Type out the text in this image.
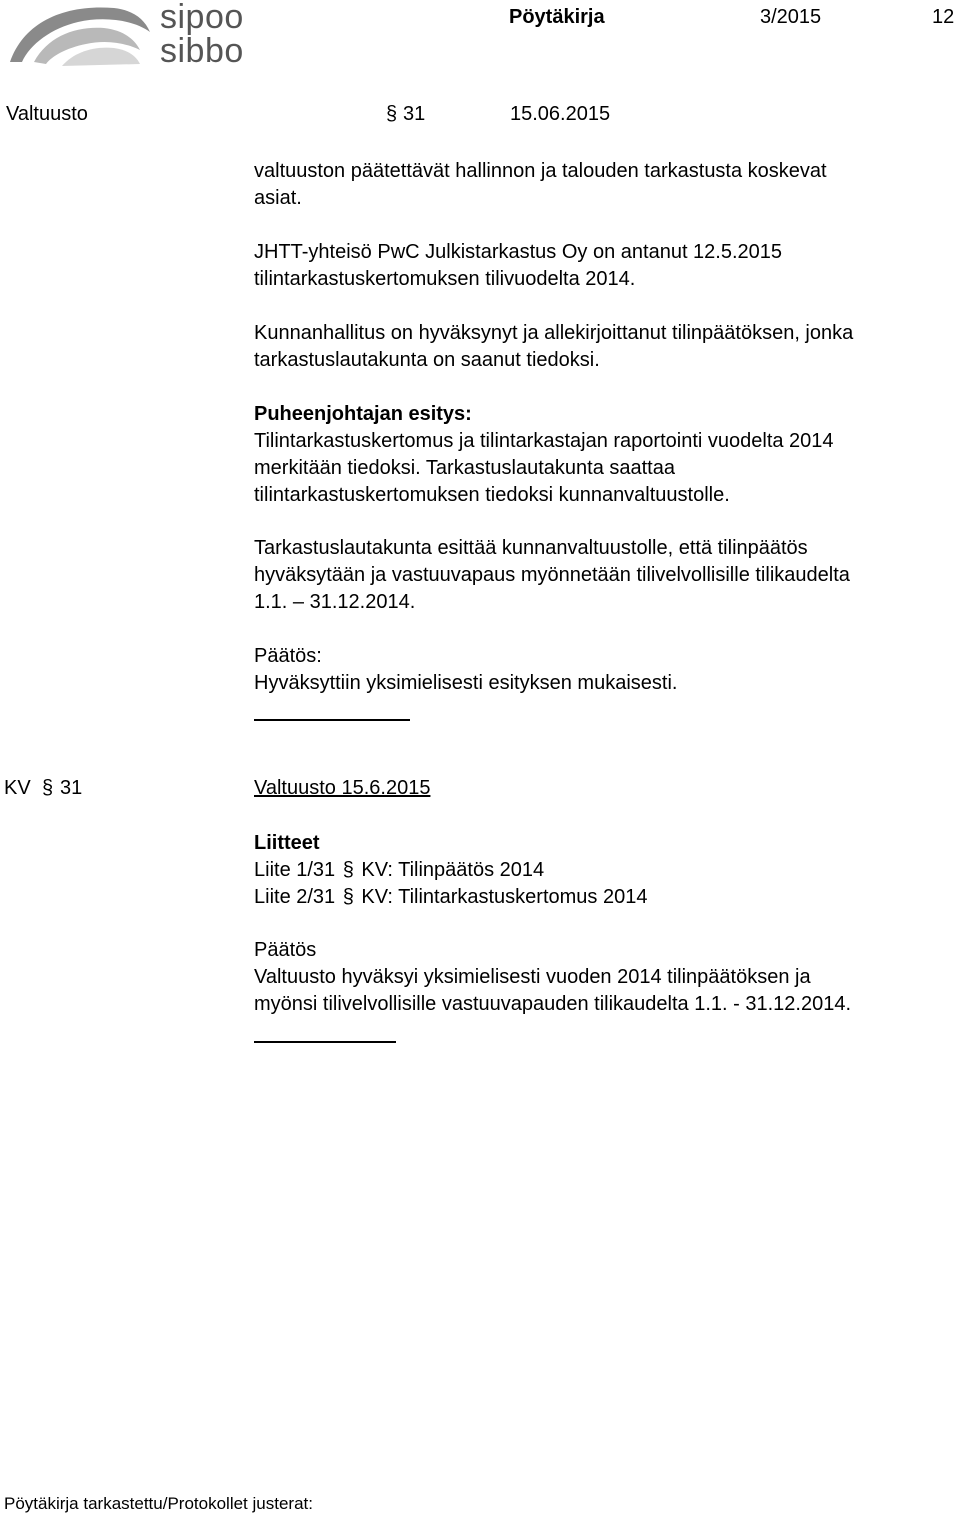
sipoo
sibbo
Pöytäkirja	3/2015	12
Valtuusto	§ 31	15.06.2015
valtuuston päätettävät hallinnon ja talouden tarkastusta koskevat
asiat.
JHTT-yhteisö PwC Julkistarkastus Oy on antanut 12.5.2015
tilintarkastuskertomuksen tilivuodelta 2014.
Kunnanhallitus on hyväksynyt ja allekirjoittanut tilinpäätöksen, jonka
tarkastuslautakunta on saanut tiedoksi.
Puheenjohtajan esitys:
Tilintarkastuskertomus ja tilintarkastajan raportointi vuodelta 2014
merkitään tiedoksi. Tarkastuslautakunta saattaa
tilintarkastuskertomuksen tiedoksi kunnanvaltuustolle.
Tarkastuslautakunta esittää kunnanvaltuustolle, että tilinpäätös
hyväksytään ja vastuuvapaus myönnetään tilivelvollisille tilikaudelta
1.1. – 31.12.2014.
Päätös:
Hyväksyttiin yksimielisesti esityksen mukaisesti.
KV § 31	Valtuusto 15.6.2015
Liitteet
Liite 1/31 § KV: Tilinpäätös 2014
Liite 2/31 § KV: Tilintarkastuskertomus 2014
Päätös
Valtuusto hyväksyi yksimielisesti vuoden 2014 tilinpäätöksen ja
myönsi tilivelvollisille vastuuvapauden tilikaudelta 1.1. - 31.12.2014.
Pöytäkirja tarkastettu/Protokollet justerat:
